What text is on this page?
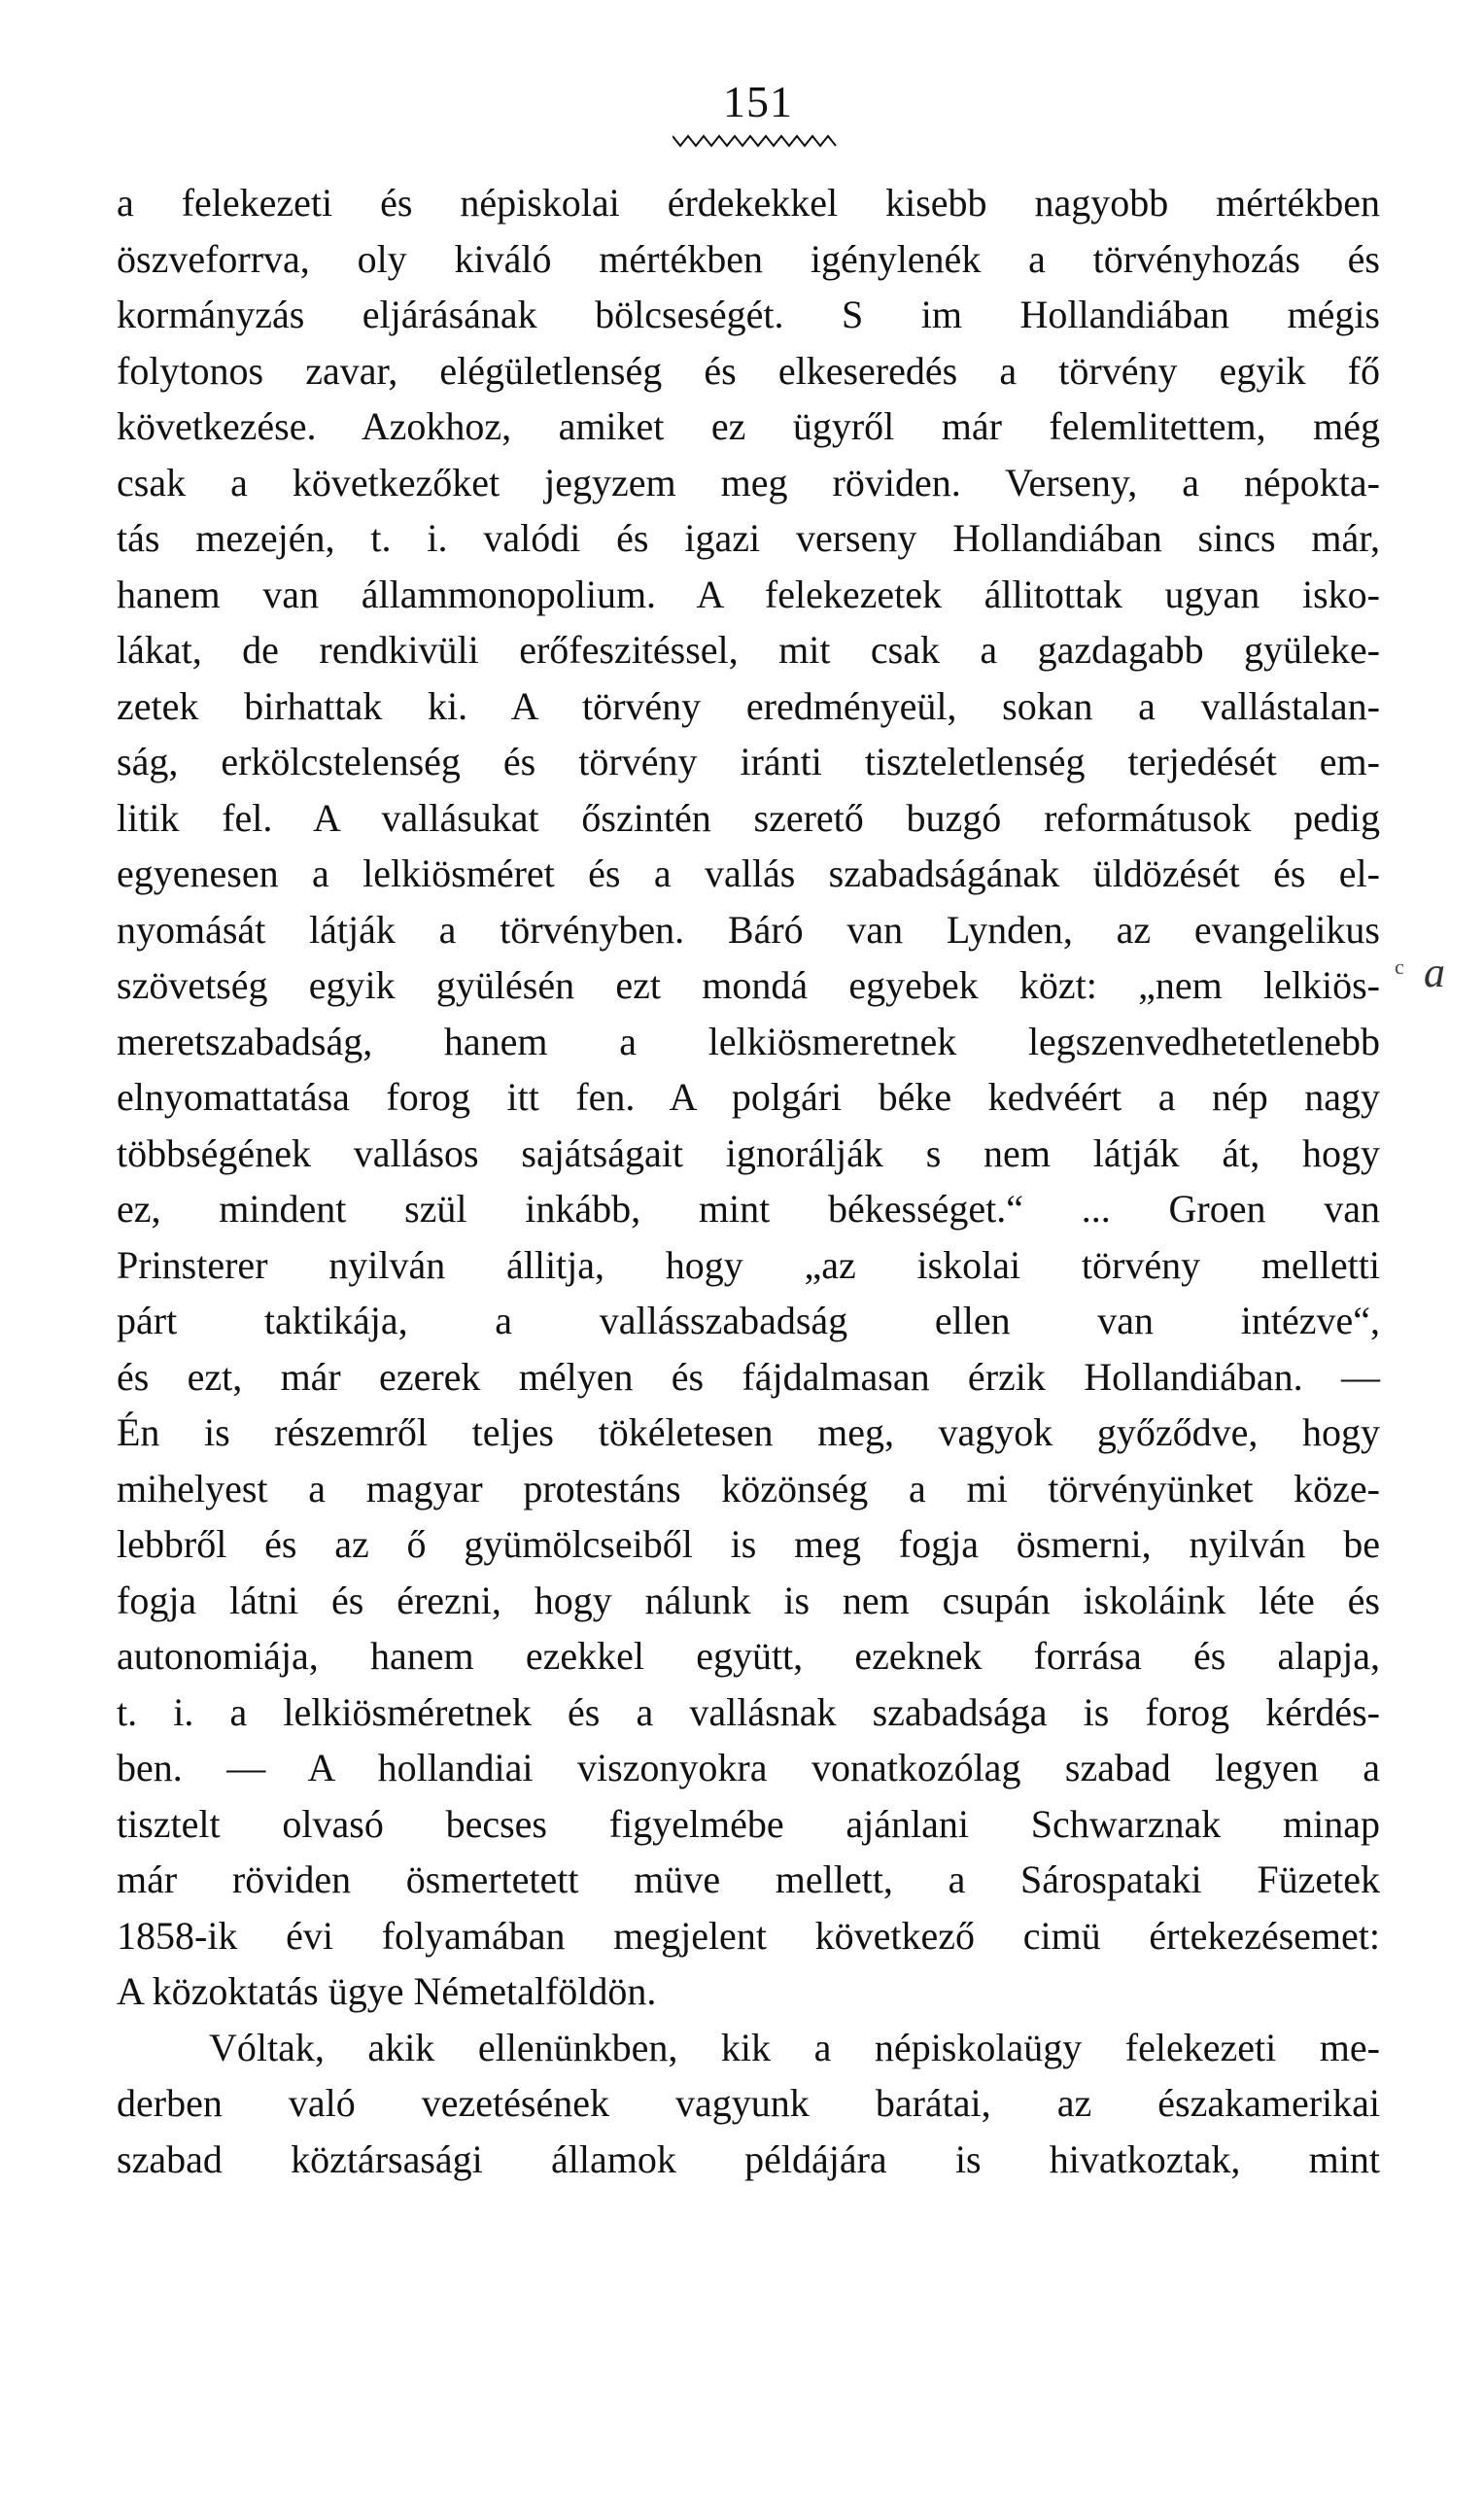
151
c a
a felekezeti és népiskolai érdekekkel kisebb nagyobb mértékben
öszveforrva, oly kiváló mértékben igénylenék a törvényhozás és
kormányzás eljárásának bölcseségét. S im Hollandiában mégis
folytonos zavar, elégületlenség és elkeseredés a törvény egyik fő
következése. Azokhoz, amiket ez ügyről már felemlitettem, még
csak a következőket jegyzem meg röviden. Verseny, a népokta-
tás mezején, t. i. valódi és igazi verseny Hollandiában sincs már,
hanem van állammonopolium. A felekezetek állitottak ugyan isko-
lákat, de rendkivüli erőfeszitéssel, mit csak a gazdagabb gyüleke-
zetek birhattak ki. A törvény eredményeül, sokan a vallástalan-
ság, erkölcstelenség és törvény iránti tiszteletlenség terjedését em-
litik fel. A vallásukat őszintén szerető buzgó reformátusok pedig
egyenesen a lelkiösméret és a vallás szabadságának üldözését és el-
nyomását látják a törvényben. Báró van Lynden, az evangelikus
szövetség egyik gyülésén ezt mondá egyebek közt: „nem lelkiös-
meretszabadság, hanem a lelkiösmeretnek legszenvedhetetlenebb
elnyomattatása forog itt fen. A polgári béke kedvéért a nép nagy
többségének vallásos sajátságait ignorálják s nem látják át, hogy
ez, mindent szül inkább, mint békességet.“ ... Groen van
Prinsterer nyilván állitja, hogy „az iskolai törvény melletti
párt taktikája, a vallásszabadság ellen van intézve“,
és ezt, már ezerek mélyen és fájdalmasan érzik Hollandiában. —
Én is részemről teljes tökéletesen meg, vagyok győződve, hogy
mihelyest a magyar protestáns közönség a mi törvényünket köze-
lebbről és az ő gyümölcseiből is meg fogja ösmerni, nyilván be
fogja látni és érezni, hogy nálunk is nem csupán iskoláink léte és
autonomiája, hanem ezekkel együtt, ezeknek forrása és alapja,
t. i. a lelkiösméretnek és a vallásnak szabadsága is forog kérdés-
ben. — A hollandiai viszonyokra vonatkozólag szabad legyen a
tisztelt olvasó becses figyelmébe ajánlani Schwarznak minap
már röviden ösmertetett müve mellett, a Sárospataki Füzetek
1858-ik évi folyamában megjelent következő cimü értekezésemet:
A közoktatás ügye Németalföldön.
Vóltak, akik ellenünkben, kik a népiskolaügy felekezeti me-
derben való vezetésének vagyunk barátai, az északamerikai
szabad köztársasági államok példájára is hivatkoztak, mint
